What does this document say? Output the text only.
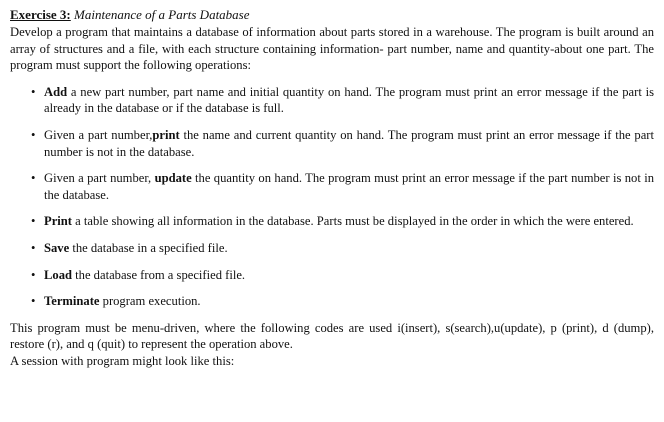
Exercise 3: Maintenance of a Parts Database

Develop a program that maintains a database of information about parts stored in a warehouse. The program is built around an array of structures and a file, with each structure containing information- part number, name and quantity-about one part. The program must support the following operations:

• Add a new part number, part name and initial quantity on hand. The program must print an error message if the part is already in the database or if the database is full.
• Given a part number,print the name and current quantity on hand. The program must print an error message if the part number is not in the database.
• Given a part number, update the quantity on hand. The program must print an error message if the part number is not in the database.
• Print a table showing all information in the database. Parts must be displayed in the order in which the were entered.
• Save the database in a specified file.
• Load the database from a specified file.
• Terminate program execution.

This program must be menu-driven, where the following codes are used i(insert), s(search),u(update), p (print), d (dump), restore (r), and q (quit) to represent the operation above.

A session with program might look like this:
